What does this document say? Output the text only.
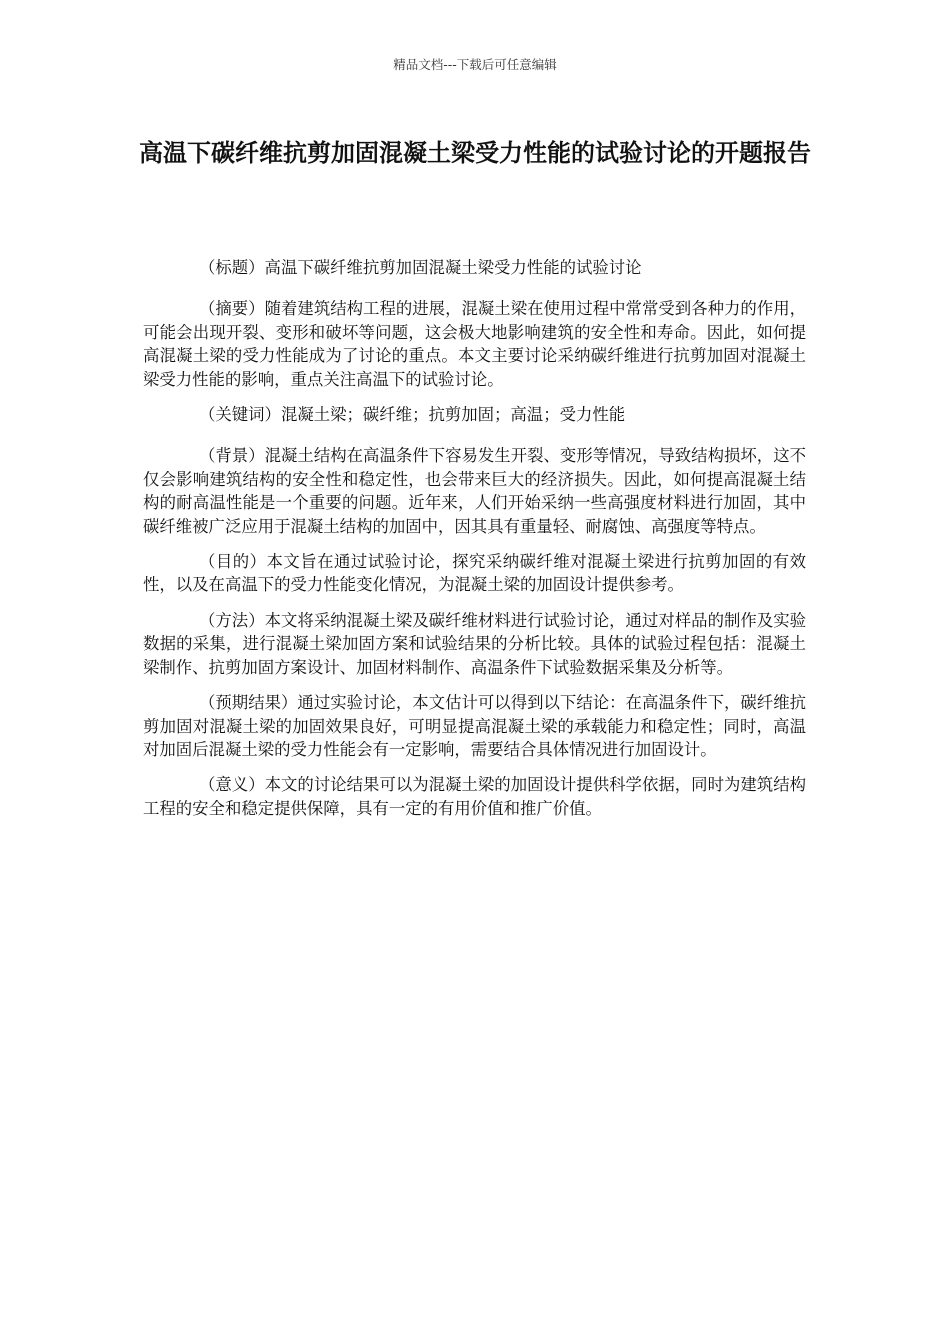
精品文档---下载后可任意编辑
高温下碳纤维抗剪加固混凝土梁受力性能的试验讨论的开题报告

（标题）高温下碳纤维抗剪加固混凝土梁受力性能的试验讨论

（摘要）随着建筑结构工程的进展，混凝土梁在使用过程中常常受到各种力的作用，可能会出现开裂、变形和破坏等问题，这会极大地影响建筑的安全性和寿命。因此，如何提高混凝土梁的受力性能成为了讨论的重点。本文主要讨论采纳碳纤维进行抗剪加固对混凝土梁受力性能的影响，重点关注高温下的试验讨论。

（关键词）混凝土梁；碳纤维；抗剪加固；高温；受力性能

（背景）混凝土结构在高温条件下容易发生开裂、变形等情况，导致结构损坏，这不仅会影响建筑结构的安全性和稳定性，也会带来巨大的经济损失。因此，如何提高混凝土结构的耐高温性能是一个重要的问题。近年来，人们开始采纳一些高强度材料进行加固，其中碳纤维被广泛应用于混凝土结构的加固中，因其具有重量轻、耐腐蚀、高强度等特点。

（目的）本文旨在通过试验讨论，探究采纳碳纤维对混凝土梁进行抗剪加固的有效性，以及在高温下的受力性能变化情况，为混凝土梁的加固设计提供参考。

（方法）本文将采纳混凝土梁及碳纤维材料进行试验讨论，通过对样品的制作及实验数据的采集，进行混凝土梁加固方案和试验结果的分析比较。具体的试验过程包括：混凝土梁制作、抗剪加固方案设计、加固材料制作、高温条件下试验数据采集及分析等。

（预期结果）通过实验讨论，本文估计可以得到以下结论：在高温条件下，碳纤维抗剪加固对混凝土梁的加固效果良好，可明显提高混凝土梁的承载能力和稳定性；同时，高温对加固后混凝土梁的受力性能会有一定影响，需要结合具体情况进行加固设计。

（意义）本文的讨论结果可以为混凝土梁的加固设计提供科学依据，同时为建筑结构工程的安全和稳定提供保障，具有一定的有用价值和推广价值。
